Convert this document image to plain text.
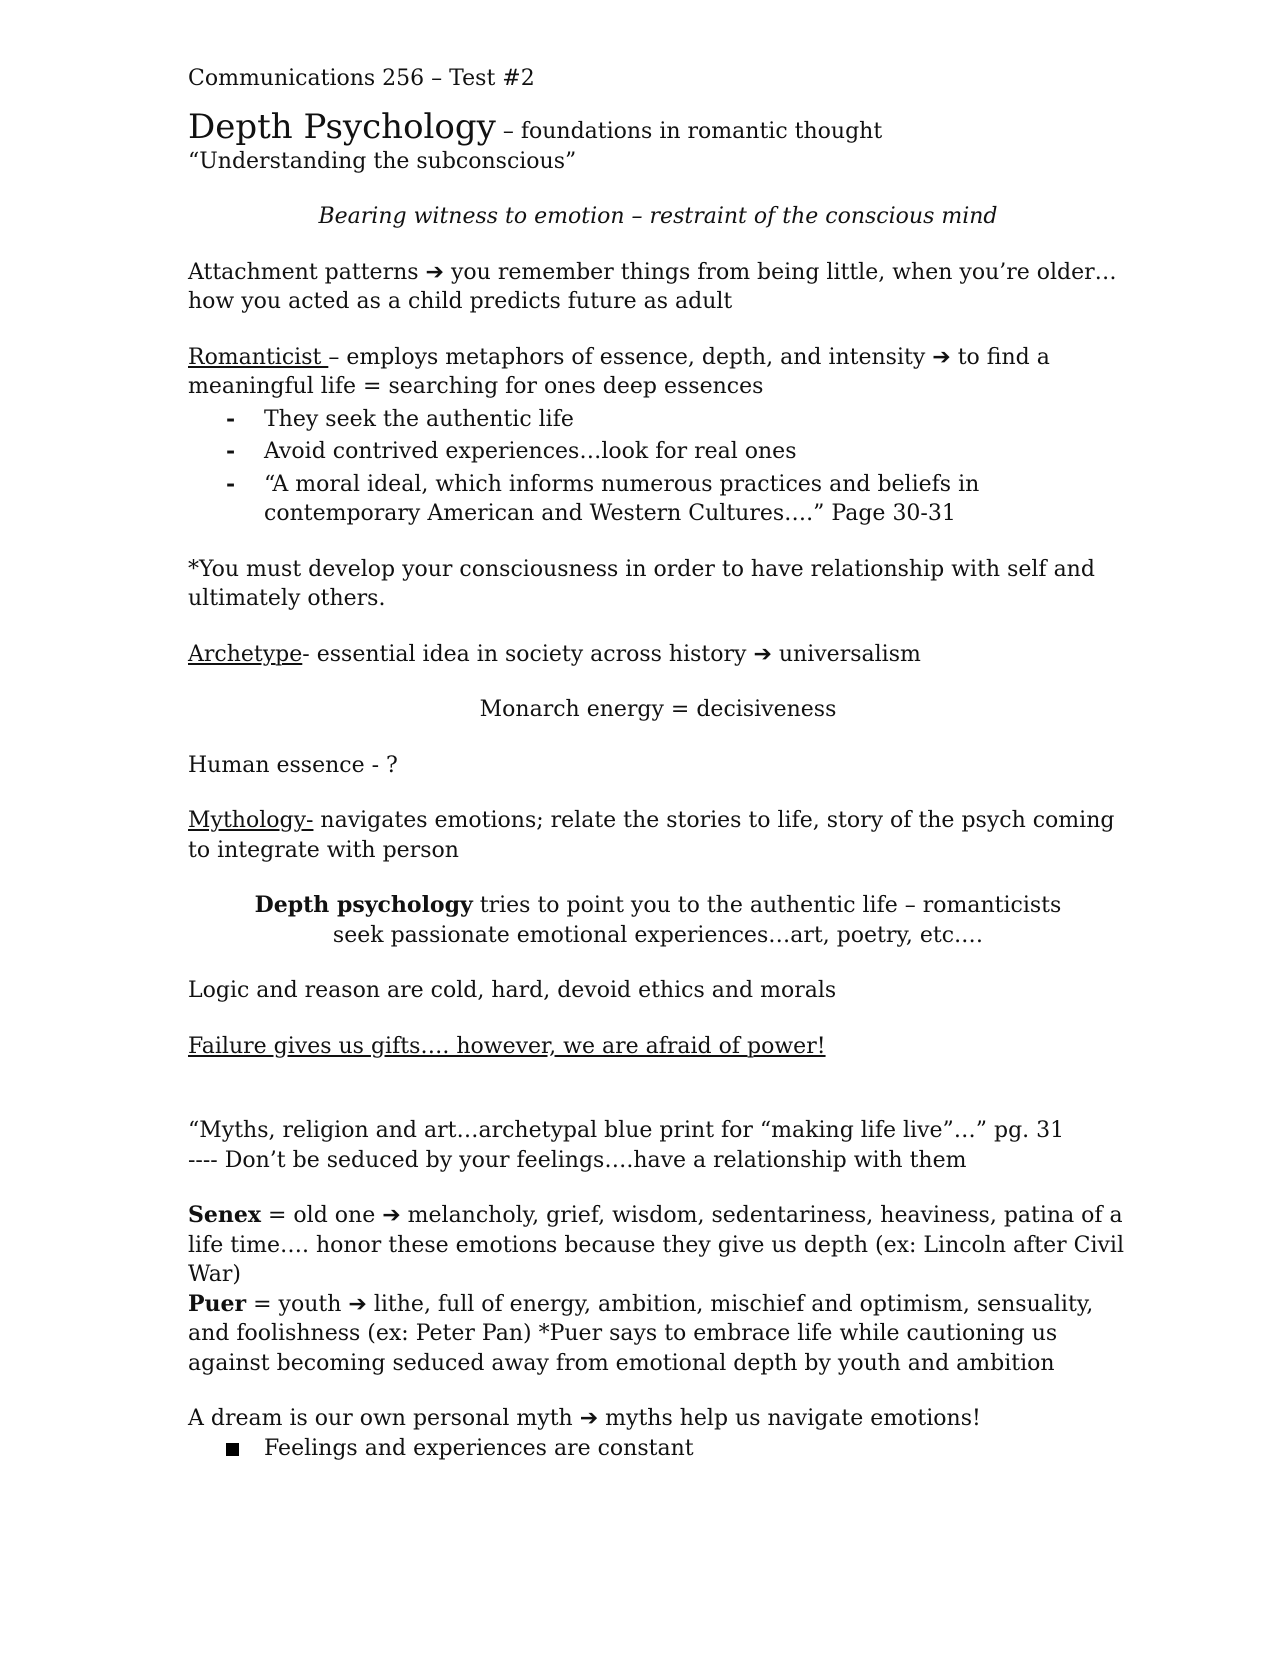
Communications 256 – Test #2

Depth Psychology – foundations in romantic thought

“Understanding the subconscious”

Bearing witness to emotion – restraint of the conscious mind

Attachment patterns ➔ you remember things from being little, when you’re older…
how you acted as a child predicts future as adult

Romanticist – employs metaphors of essence, depth, and intensity ➔ to find a
meaningful life = searching for ones deep essences

- They seek the authentic life
- Avoid contrived experiences…look for real ones
- “A moral ideal, which informs numerous practices and beliefs in contemporary American and Western Cultures….” Page 30-31

*You must develop your consciousness in order to have relationship with self and ultimately others.

Archetype- essential idea in society across history ➔ universalism

Monarch energy = decisiveness

Human essence - ?

Mythology- navigates emotions; relate the stories to life, story of the psych coming to integrate with person

Depth psychology tries to point you to the authentic life – romanticists seek passionate emotional experiences…art, poetry, etc.…

Logic and reason are cold, hard, devoid ethics and morals

Failure gives us gifts…. however, we are afraid of power!

“Myths, religion and art…archetypal blue print for “making life live”…” pg. 31

---- Don’t be seduced by your feelings….have a relationship with them

Senex = old one ➔ melancholy, grief, wisdom, sedentariness, heaviness, patina of a life time…. honor these emotions because they give us depth (ex: Lincoln after Civil War)

Puer = youth ➔ lithe, full of energy, ambition, mischief and optimism, sensuality, and foolishness (ex: Peter Pan) *Puer says to embrace life while cautioning us against becoming seduced away from emotional depth by youth and ambition

A dream is our own personal myth ➔ myths help us navigate emotions!

Feelings and experiences are constant
